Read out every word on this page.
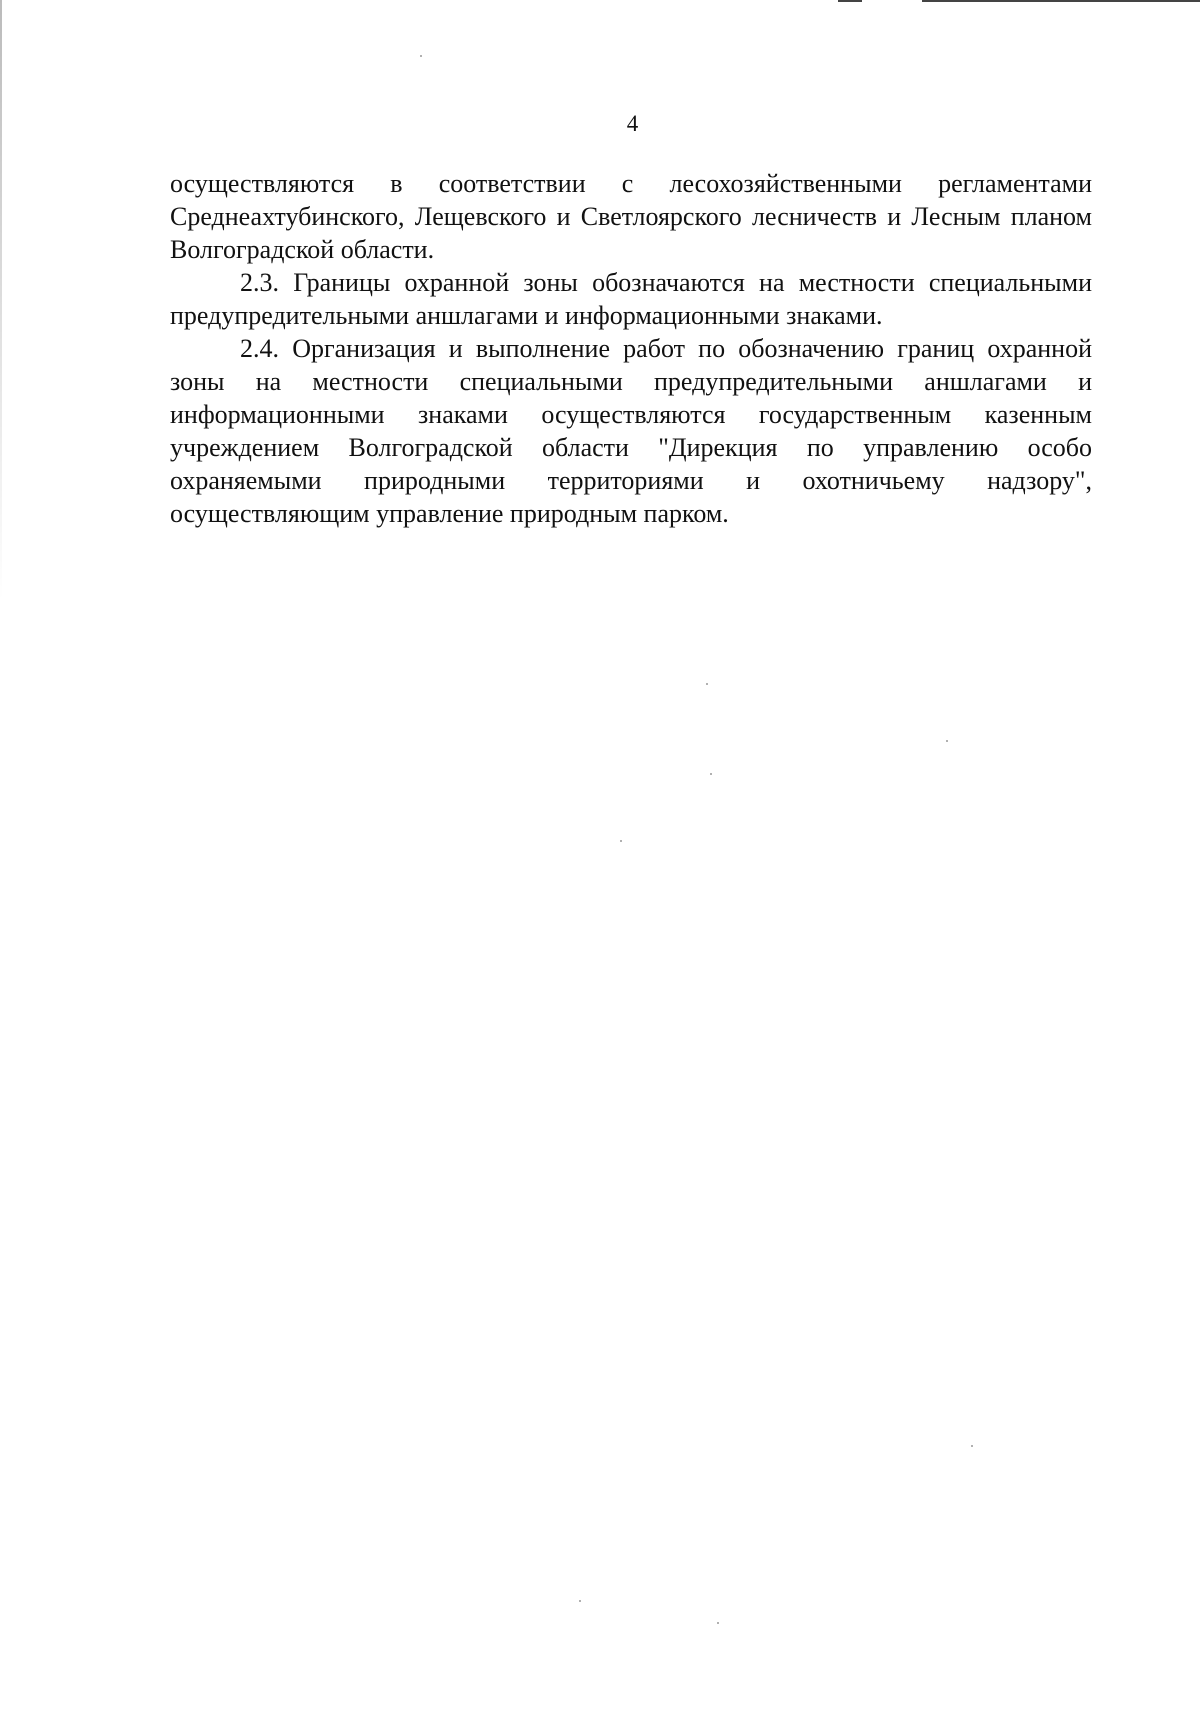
4

осуществляются в соответствии с лесохозяйственными регламентами Среднеахтубинского, Лещевского и Светлоярского лесничеств и Лесным планом Волгоградской области.

2.3. Границы охранной зоны обозначаются на местности специальными предупредительными аншлагами и информационными знаками.

2.4. Организация и выполнение работ по обозначению границ охранной зоны на местности специальными предупредительными аншлагами и информационными знаками осуществляются государственным казенным учреждением Волгоградской области "Дирекция по управлению особо охраняемыми природными территориями и охотничьему надзору", осуществляющим управление природным парком.
